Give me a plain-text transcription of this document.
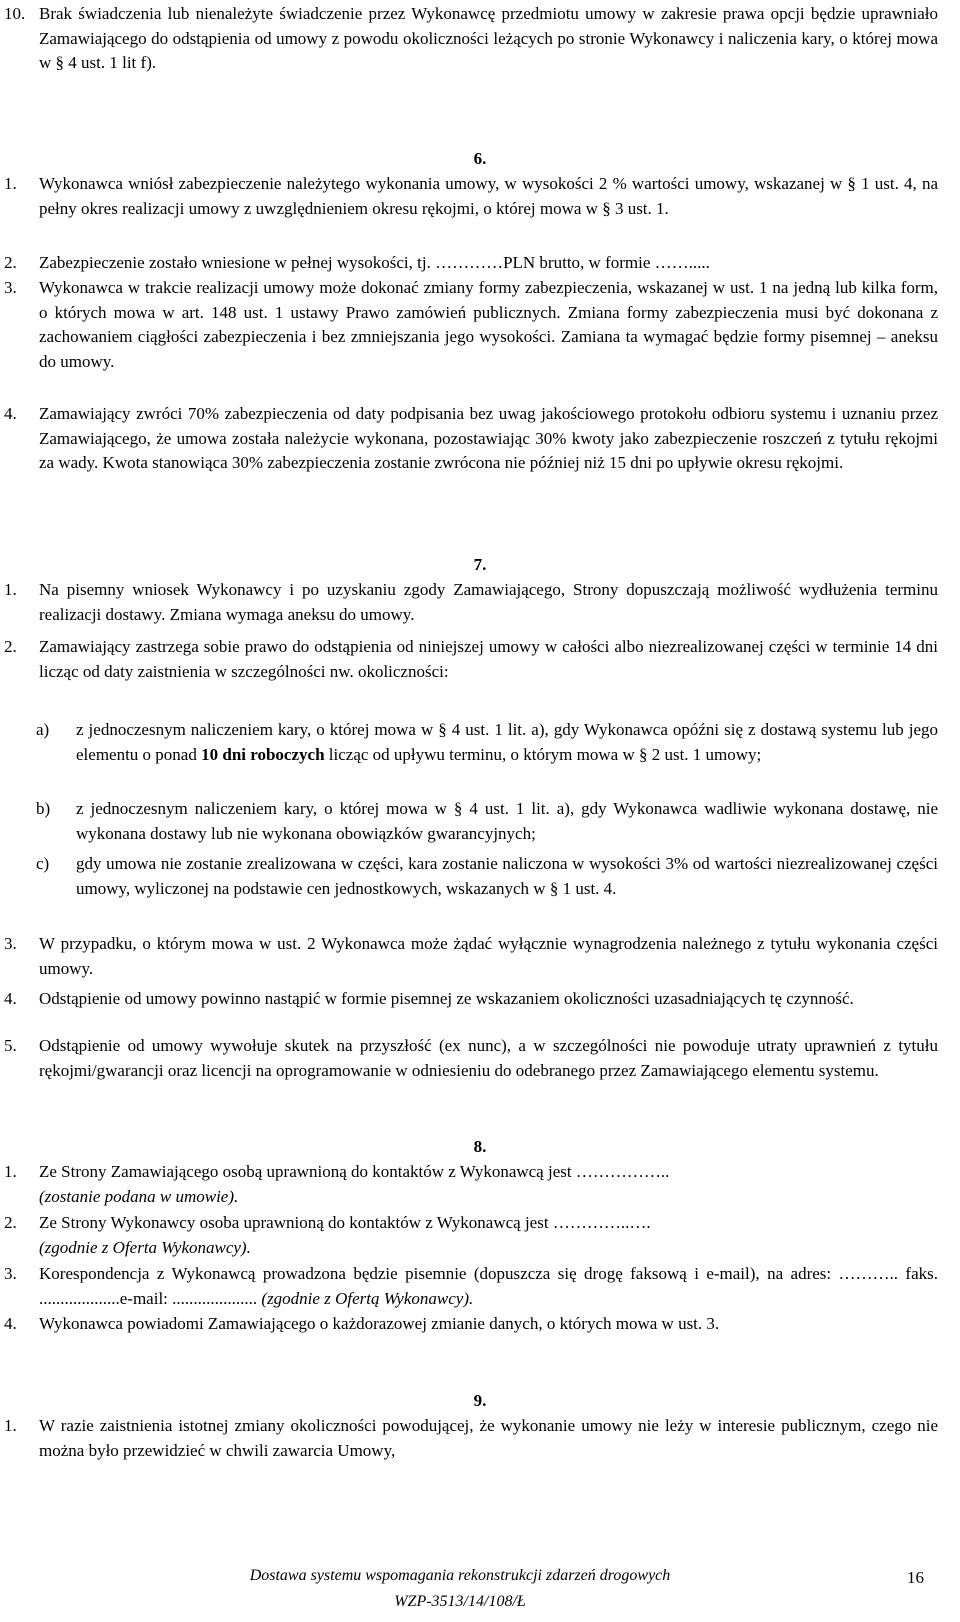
6.
7.
8.
9.
10. Brak świadczenia lub nienależyte świadczenie przez Wykonawcę przedmiotu umowy w zakresie prawa opcji będzie uprawniało Zamawiającego do odstąpienia od umowy z powodu okoliczności leżących po stronie Wykonawcy i naliczenia kary, o której mowa w § 4 ust. 1 lit f).
1. Wykonawca wniósł zabezpieczenie należytego wykonania umowy, w wysokości 2 % wartości umowy, wskazanej w § 1 ust. 4, na pełny okres realizacji umowy z uwzględnieniem okresu rękojmi, o której mowa w § 3 ust. 1.
2. Zabezpieczenie zostało wniesione w pełnej wysokości, tj. …………PLN brutto, w formie …….....
3. Wykonawca w trakcie realizacji umowy może dokonać zmiany formy zabezpieczenia, wskazanej w ust. 1 na jedną lub kilka form, o których mowa w art. 148 ust. 1 ustawy Prawo zamówień publicznych. Zmiana formy zabezpieczenia musi być dokonana z zachowaniem ciągłości zabezpieczenia i bez zmniejszania jego wysokości. Zamiana ta wymagać będzie formy pisemnej – aneksu do umowy.
4. Zamawiający zwróci 70% zabezpieczenia od daty podpisania bez uwag jakościowego protokołu odbioru systemu i uznaniu przez Zamawiającego, że umowa została należycie wykonana, pozostawiając 30% kwoty jako zabezpieczenie roszczeń z tytułu rękojmi za wady. Kwota stanowiąca 30% zabezpieczenia zostanie zwrócona nie później niż 15 dni po upływie okresu rękojmi.
1. Na pisemny wniosek Wykonawcy i po uzyskaniu zgody Zamawiającego, Strony dopuszczają możliwość wydłużenia terminu realizacji dostawy. Zmiana wymaga aneksu do umowy.
2. Zamawiający zastrzega sobie prawo do odstąpienia od niniejszej umowy w całości albo niezrealizowanej części w terminie 14 dni licząc od daty zaistnienia w szczególności nw. okoliczności:
3. W przypadku, o którym mowa w ust. 2 Wykonawca może żądać wyłącznie wynagrodzenia należnego z tytułu wykonania części umowy.
4. Odstąpienie od umowy powinno nastąpić w formie pisemnej ze wskazaniem okoliczności uzasadniających tę czynność.
5. Odstąpienie od umowy wywołuje skutek na przyszłość (ex nunc), a w szczególności nie powoduje utraty uprawnień z tytułu rękojmi/gwarancji oraz licencji na oprogramowanie w odniesieniu do odebranego przez Zamawiającego elementu systemu.
4. Wykonawca powiadomi Zamawiającego o każdorazowej zmianie danych, o których mowa w ust. 3.
1. W razie zaistnienia istotnej zmiany okoliczności powodującej, że wykonanie umowy nie leży w interesie publicznym, czego nie można było przewidzieć w chwili zawarcia Umowy,
a) z jednoczesnym naliczeniem kary, o której mowa w § 4 ust. 1 lit. a), gdy Wykonawca opóźni się z dostawą systemu lub jego elementu o ponad 10 dni roboczych licząc od upływu terminu, o którym mowa w § 2 ust. 1 umowy;
b) z jednoczesnym naliczeniem kary, o której mowa w § 4 ust. 1 lit. a), gdy Wykonawca wadliwie wykonana dostawę, nie wykonana dostawy lub nie wykonana obowiązków gwarancyjnych;
c) gdy umowa nie zostanie zrealizowana w części, kara zostanie naliczona w wysokości 3% od wartości niezrealizowanej części umowy, wyliczonej na podstawie cen jednostkowych, wskazanych w § 1 ust. 4.
1. Ze Strony Zamawiającego osobą uprawnioną do kontaktów z Wykonawcą jest ……………..
(zostanie podana w umowie).
2. Ze Strony Wykonawcy osoba uprawnioną do kontaktów z Wykonawcą jest …………..….
(zgodnie z Oferta Wykonawcy).
3. Korespondencja z Wykonawcą prowadzona będzie pisemnie (dopuszcza się drogę faksową i e-mail), na adres: ……….. faks. ...................e-mail: .................... (zgodnie z Ofertą Wykonawcy).
Dostawa systemu wspomagania rekonstrukcji zdarzeń drogowych
WZP-3513/14/108/Ł
16
